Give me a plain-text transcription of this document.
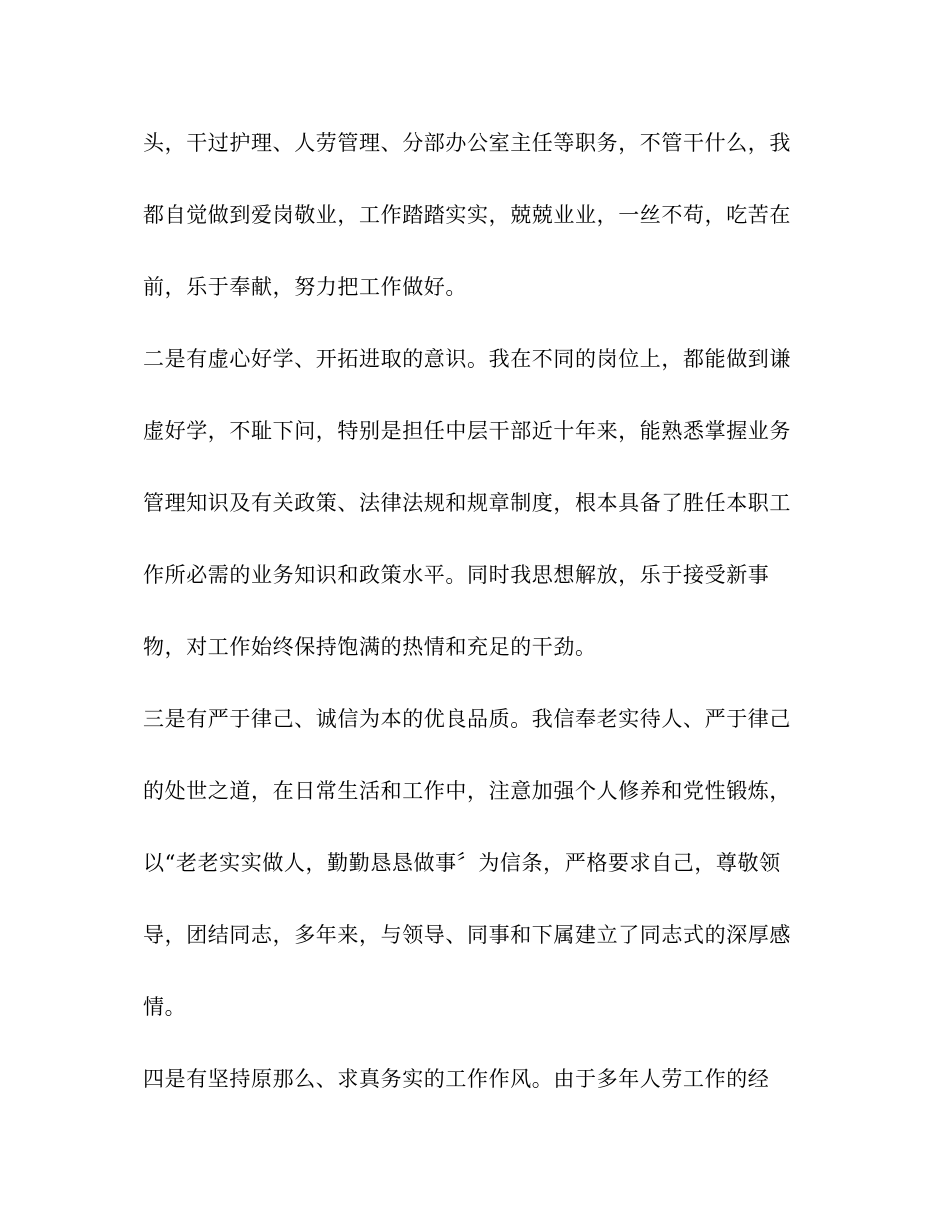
头，干过护理、人劳管理、分部办公室主任等职务，不管干什么，我
都自觉做到爱岗敬业，工作踏踏实实，兢兢业业，一丝不苟，吃苦在
前，乐于奉献，努力把工作做好。
二是有虚心好学、开拓进取的意识。我在不同的岗位上，都能做到谦
虚好学，不耻下问，特别是担任中层干部近十年来，能熟悉掌握业务
管理知识及有关政策、法律法规和规章制度，根本具备了胜任本职工
作所必需的业务知识和政策水平。同时我思想解放，乐于接受新事
物，对工作始终保持饱满的热情和充足的干劲。
三是有严于律己、诚信为本的优良品质。我信奉老实待人、严于律己
的处世之道，在日常生活和工作中，注意加强个人修养和党性锻炼，
以“老老实实做人，勤勤恳恳做事〞为信条，严格要求自己，尊敬领
导，团结同志，多年来，与领导、同事和下属建立了同志式的深厚感
情。
四是有坚持原那么、求真务实的工作作风。由于多年人劳工作的经
